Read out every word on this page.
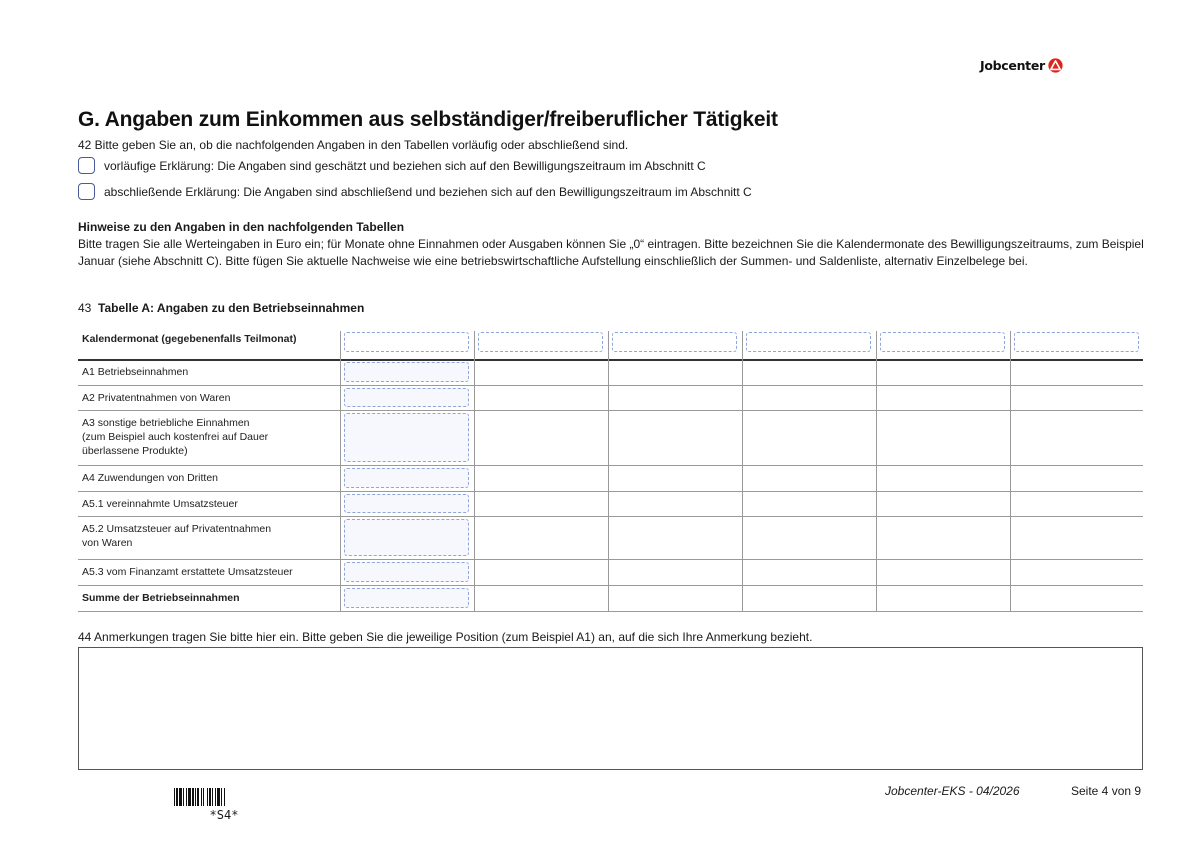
Jobcenter
G. Angaben zum Einkommen aus selbständiger/freiberuflicher Tätigkeit
42 Bitte geben Sie an, ob die nachfolgenden Angaben in den Tabellen vorläufig oder abschließend sind.
vorläufige Erklärung: Die Angaben sind geschätzt und beziehen sich auf den Bewilligungszeitraum im Abschnitt C
abschließende Erklärung: Die Angaben sind abschließend und beziehen sich auf den Bewilligungszeitraum im Abschnitt C
Hinweise zu den Angaben in den nachfolgenden Tabellen
Bitte tragen Sie alle Werteingaben in Euro ein; für Monate ohne Einnahmen oder Ausgaben können Sie „0“ eintragen. Bitte bezeichnen Sie die Kalendermonate des Bewilligungszeitraums, zum Beispiel Januar (siehe Abschnitt C). Bitte fügen Sie aktuelle Nachweise wie eine betriebswirtschaftliche Aufstellung einschließlich der Summen- und Saldenliste, alternativ Einzelbelege bei.
43 Tabelle A: Angaben zu den Betriebseinnahmen
Kalendermonat (gegebenenfalls Teilmonat)
A1 Betriebseinnahmen
A2 Privatentnahmen von Waren
A3 sonstige betriebliche Einnahmen
(zum Beispiel auch kostenfrei auf Dauer
überlassene Produkte)
A4 Zuwendungen von Dritten
A5.1 vereinnahmte Umsatzsteuer
A5.2 Umsatzsteuer auf Privatentnahmen
von Waren
A5.3 vom Finanzamt erstattete Umsatzsteuer
Summe der Betriebseinnahmen
44 Anmerkungen tragen Sie bitte hier ein. Bitte geben Sie die jeweilige Position (zum Beispiel A1) an, auf die sich Ihre Anmerkung bezieht.
*S4*
Jobcenter-EKS - 04/2026	Seite 4 von 9
